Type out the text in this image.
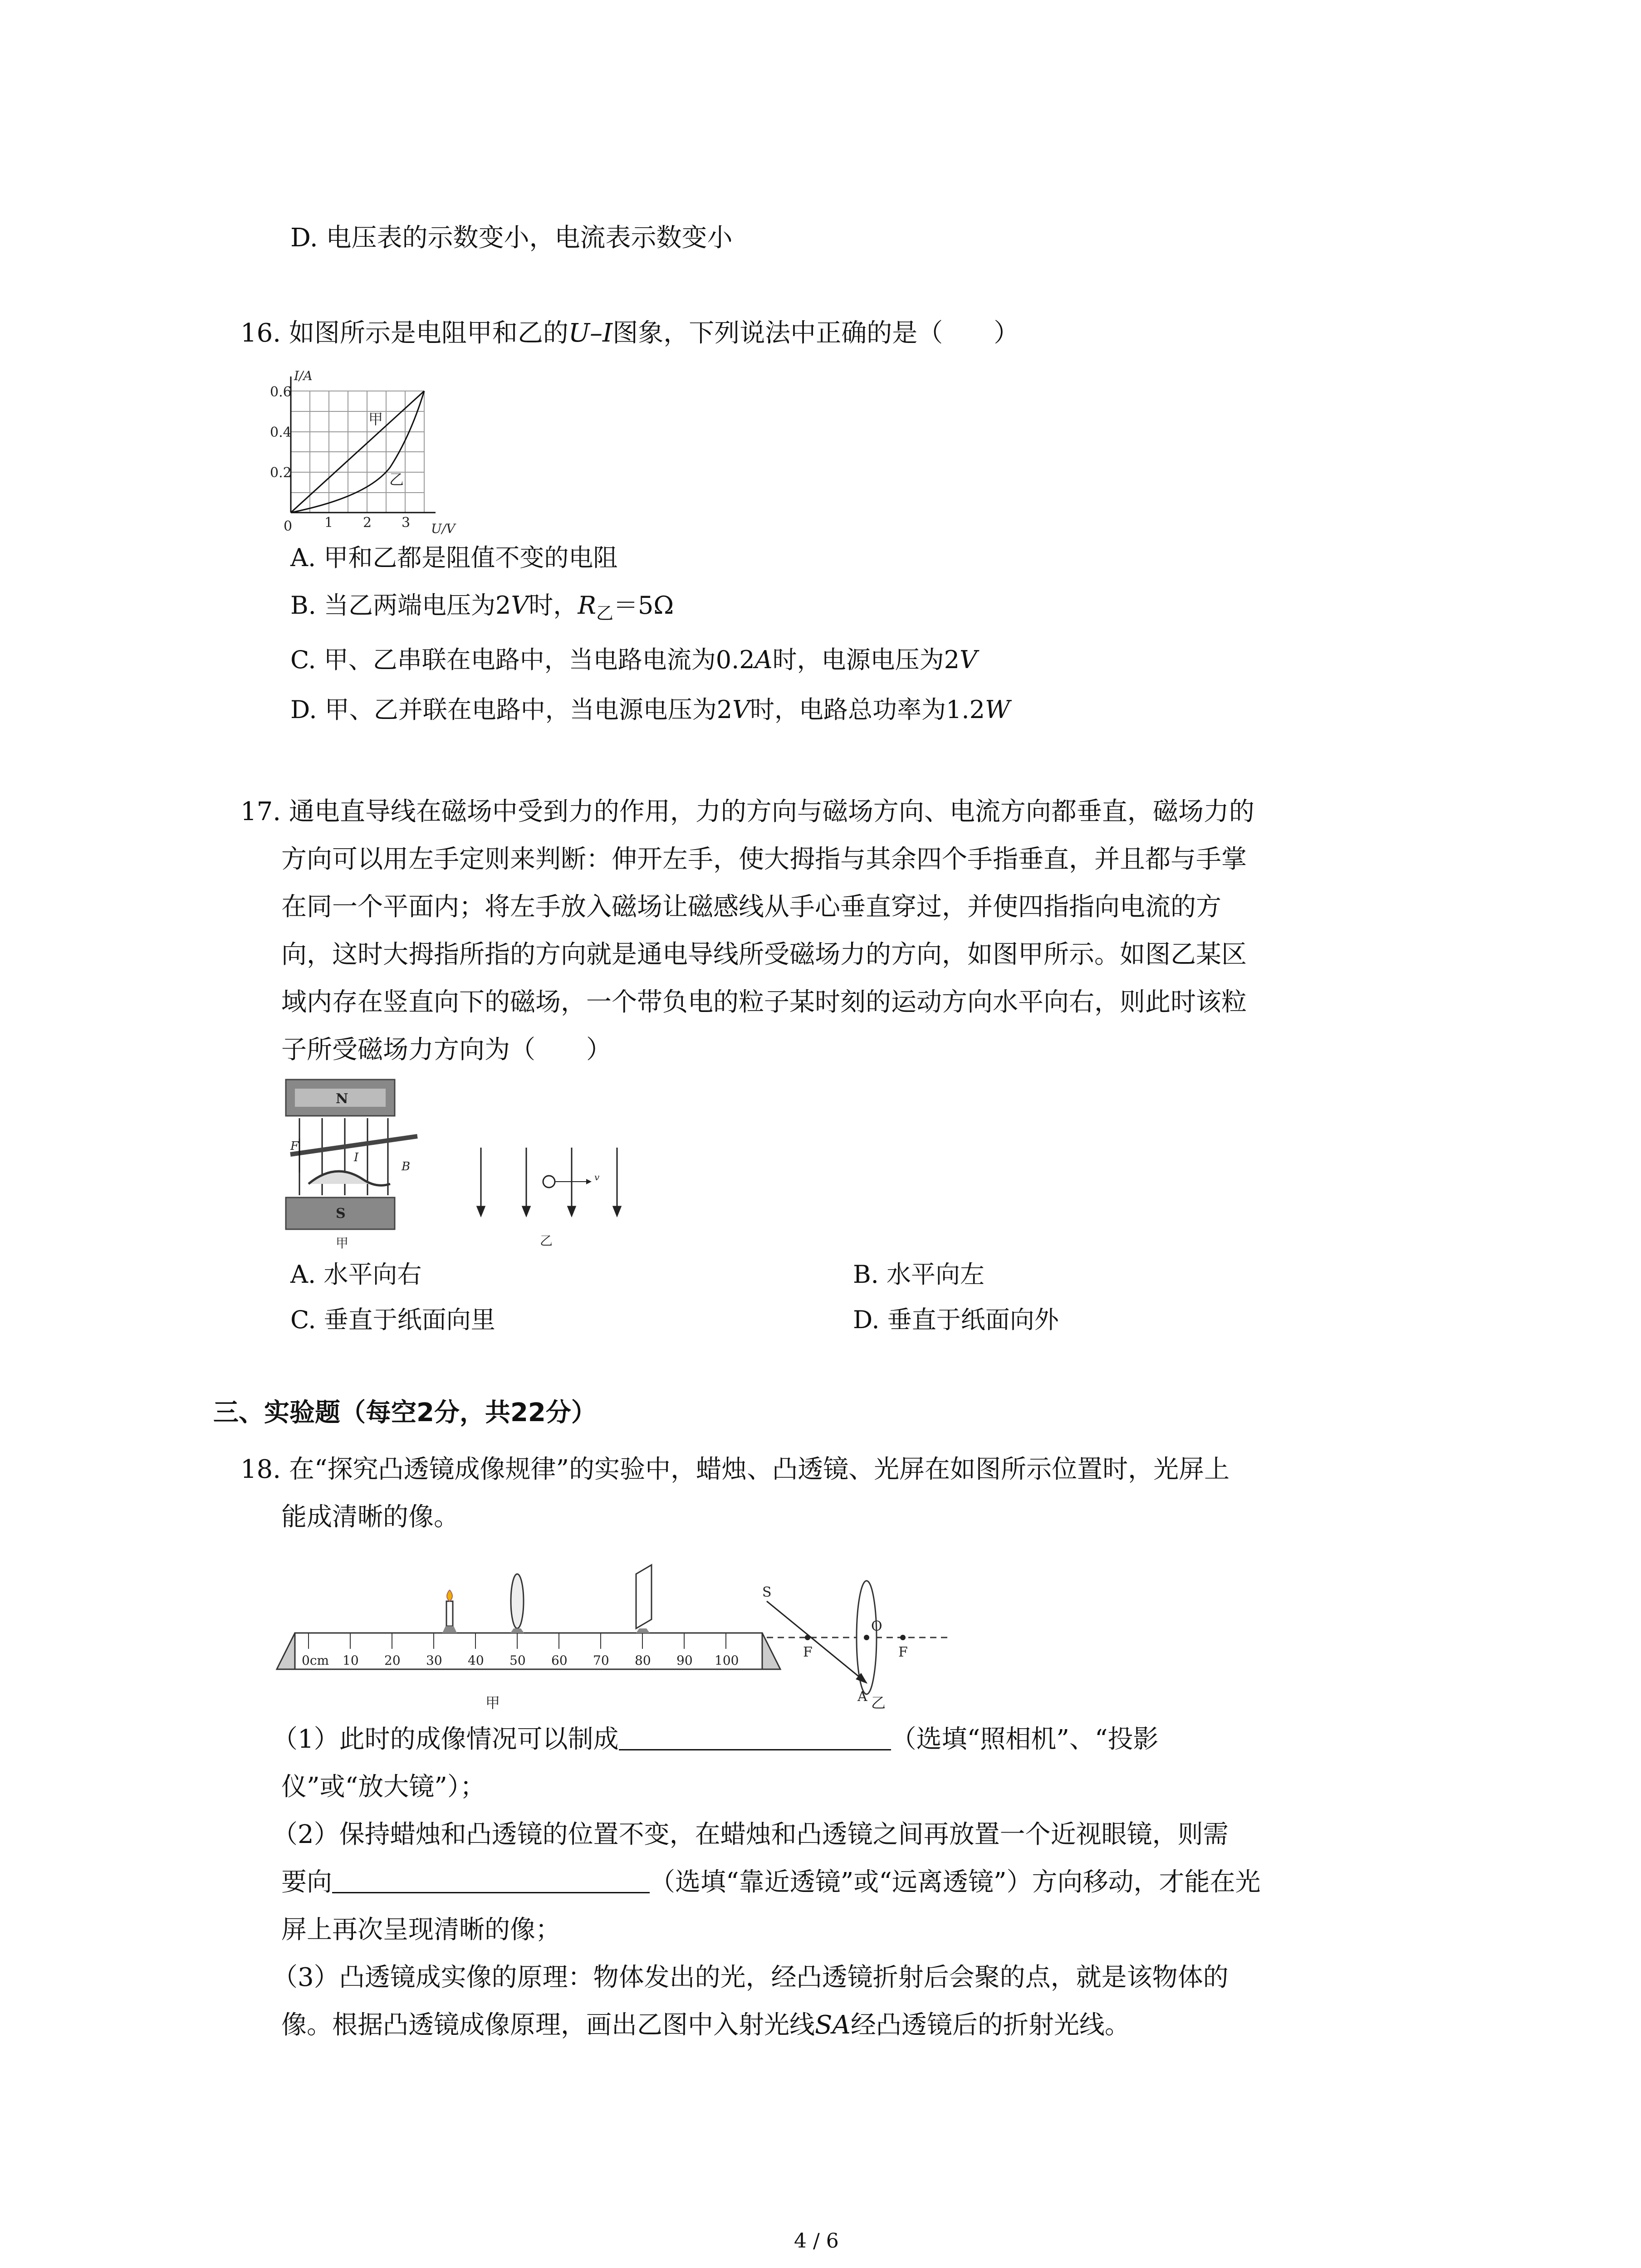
D. 电压表的示数变小，电流表示数变小
16. 如图所示是电阻甲和乙的U–I图象，下列说法中正确的是（　　）
I/A
U/V
0.6
0.4
0.2
0 1 2 3
甲
乙
A. 甲和乙都是阻值不变的电阻
B. 当乙两端电压为2V时，$R_乙=5\Omega$
C. 甲、乙串联在电路中，当电路电流为0.2A时，电源电压为2V
D. 甲、乙并联在电路中，当电源电压为2V时，电路总功率为1.2W
17. 通电直导线在磁场中受到力的作用，力的方向与磁场方向、电流方向都垂直，磁场力的
方向可以用左手定则来判断：伸开左手，使大拇指与其余四个手指垂直，并且都与手掌
在同一个平面内；将左手放入磁场让磁感线从手心垂直穿过，并使四指指向电流的方
向，这时大拇指所指的方向就是通电导线所受磁场力的方向，如图甲所示。如图乙某区
域内存在竖直向下的磁场，一个带负电的粒子某时刻的运动方向水平向右，则此时该粒
子所受磁场力方向为（　　）
N
S
F
I
B
甲
v
乙
A. 水平向右	B. 水平向左
C. 垂直于纸面向里	D. 垂直于纸面向外
三、实验题（每空2分，共22分）
18. 在“探究凸透镜成像规律”的实验中，蜡烛、凸透镜、光屏在如图所示位置时，光屏上
能成清晰的像。
0cm 10 20 30 40 50 60 70 80 90 100
甲
S
A
O
F	F
乙
（1）此时的成像情况可以制成	（选填“照相机”、“投影
仪”或“放大镜”）；
（2）保持蜡烛和凸透镜的位置不变，在蜡烛和凸透镜之间再放置一个近视眼镜，则需
要向	（选填“靠近透镜”或“远离透镜”）方向移动，才能在光
屏上再次呈现清晰的像；
（3）凸透镜成实像的原理：物体发出的光，经凸透镜折射后会聚的点，就是该物体的
像。根据凸透镜成像原理，画出乙图中入射光线SA经凸透镜后的折射光线。
4 / 6
